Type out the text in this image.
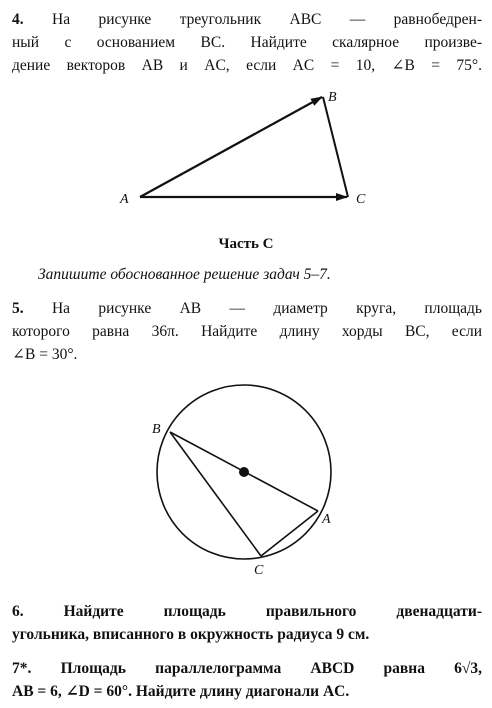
4. На рисунке треугольник ABC — равнобедрен-
ный с основанием BC. Найдите скалярное произве-
дение векторов AB и AC, если AC = 10, ∠B = 75°.
A
B
C
Часть C
Запишите обоснованное решение задач 5–7.
5. На рисунке AB — диаметр круга, площадь
которого равна 36π. Найдите длину хорды BC, если
∠B = 30°.
B
A
C
6.	Найдите площадь правильного двенадцати-
угольника, вписанного в окружность радиуса 9 см.
7*. Площадь параллелограмма ABCD равна 6√3,
AB = 6, ∠D = 60°. Найдите длину диагонали AC.
